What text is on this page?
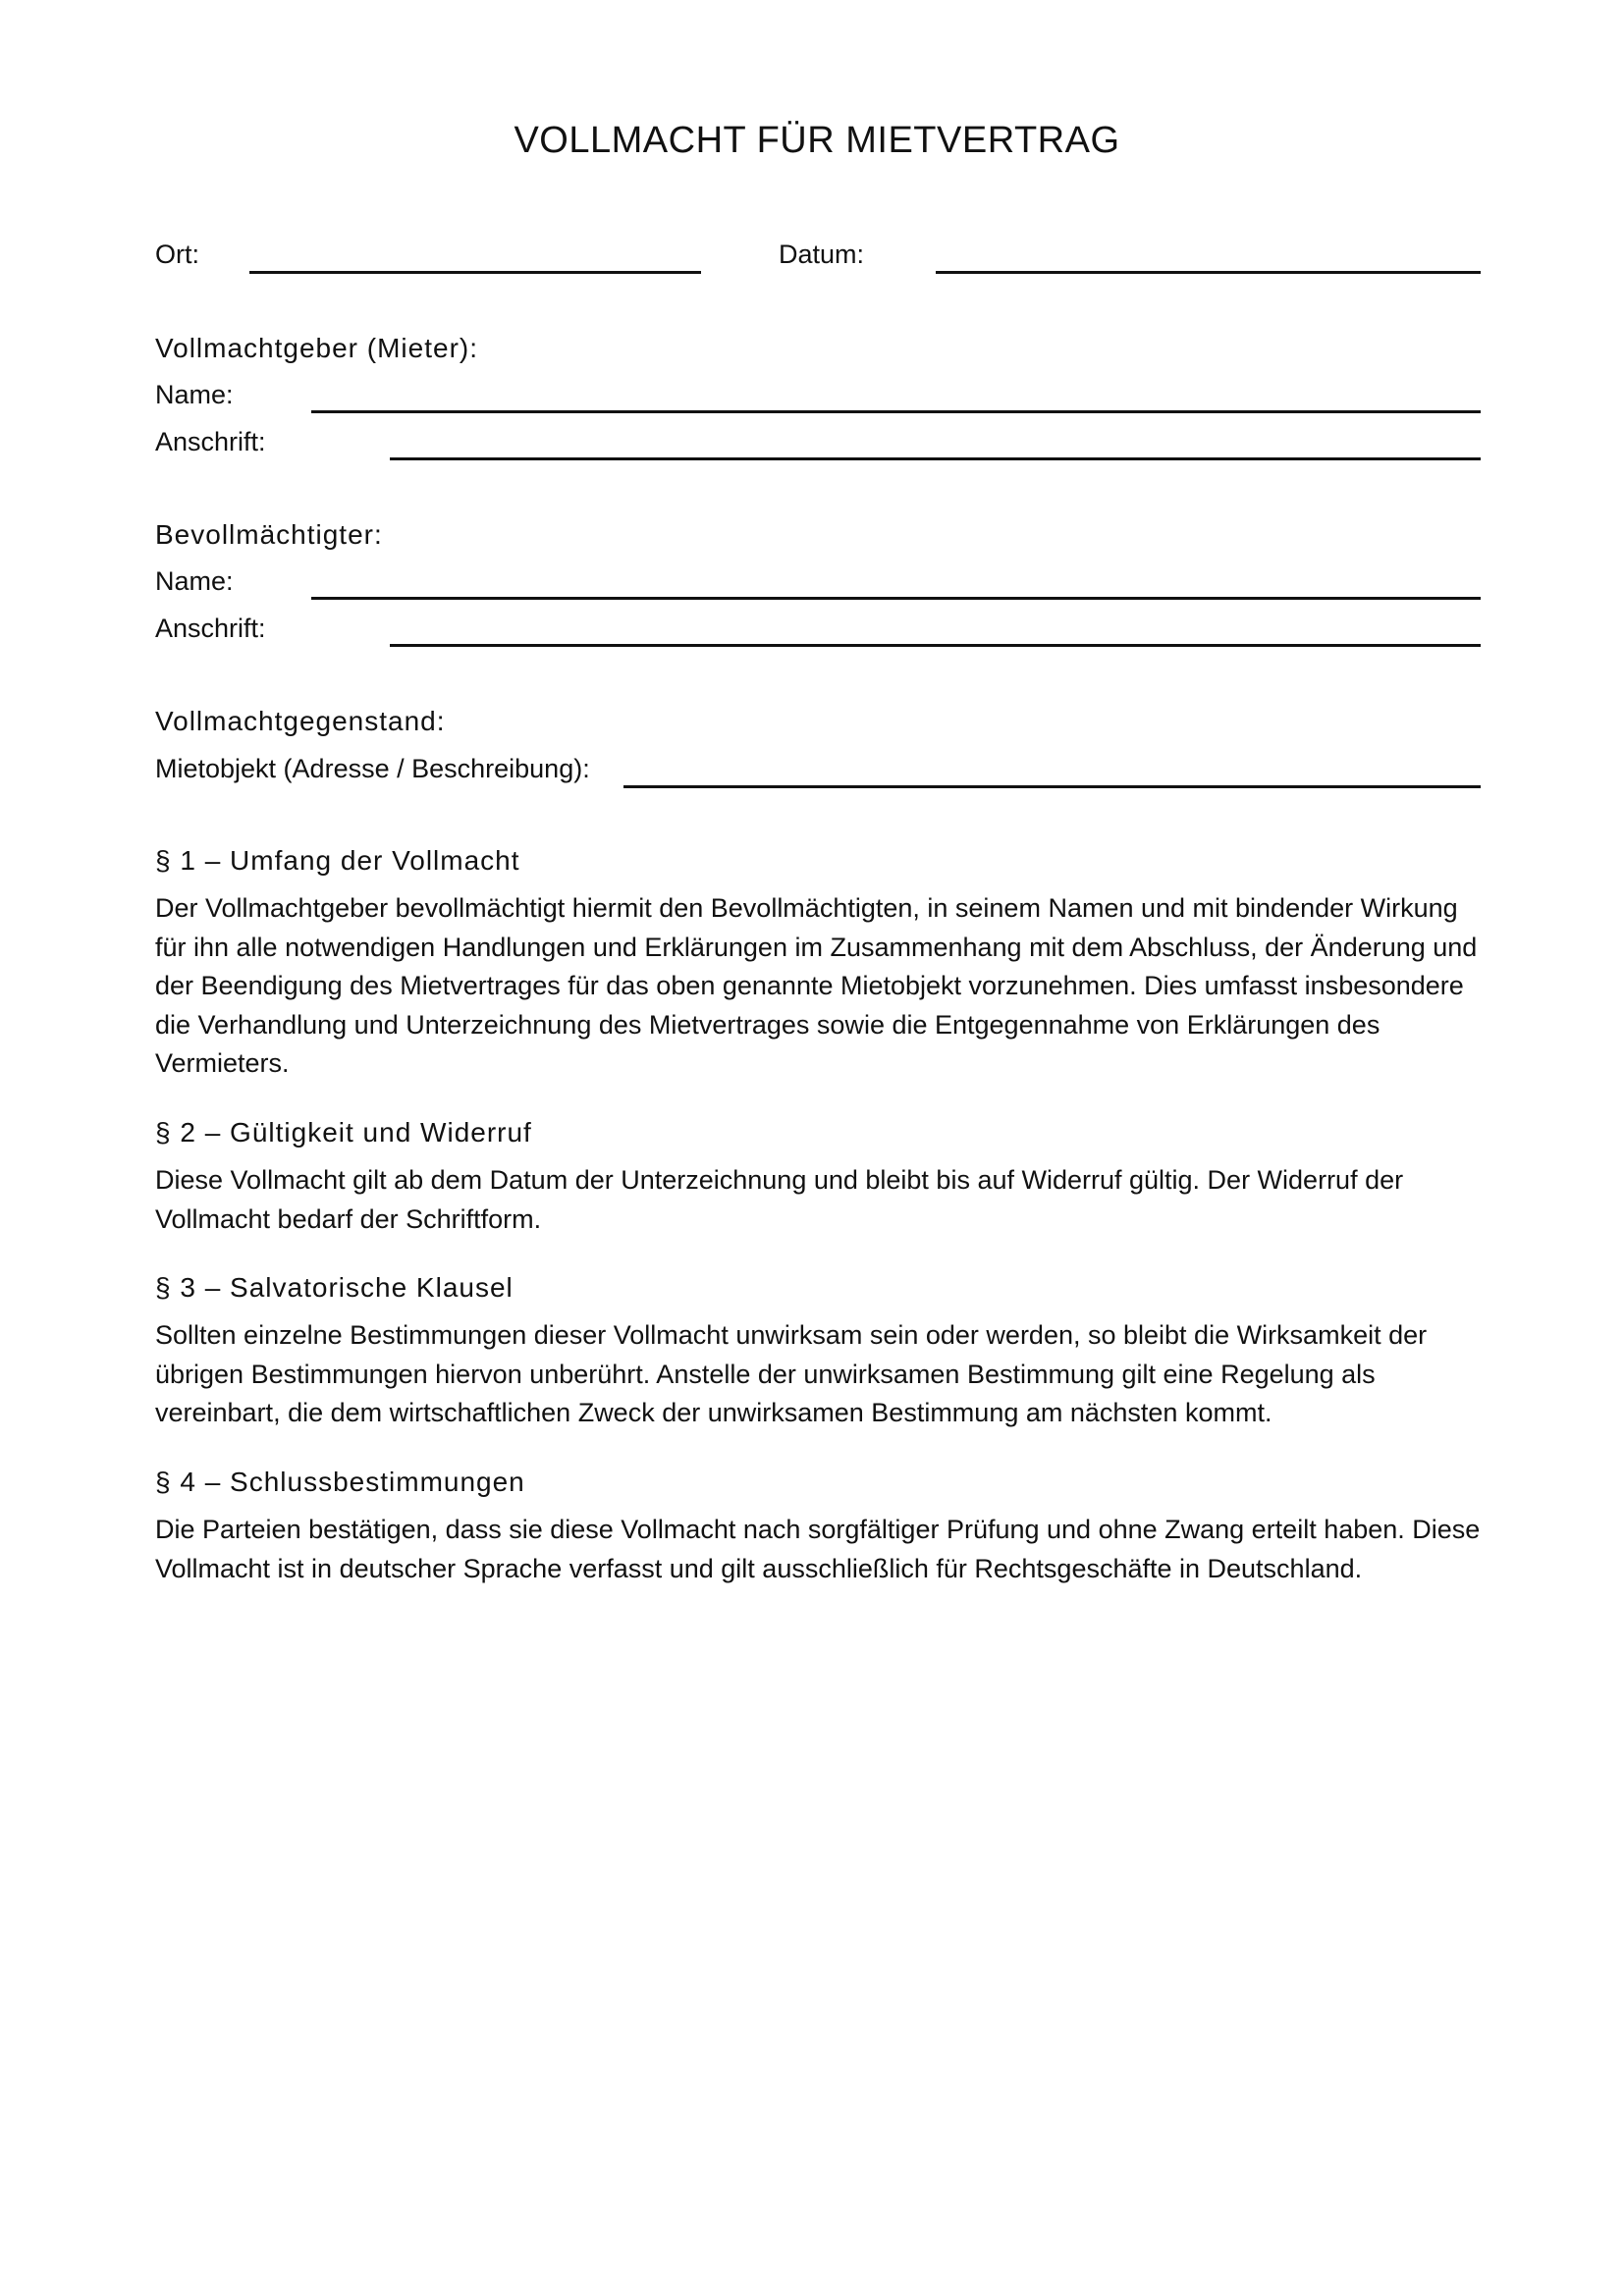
VOLLMACHT FÜR MIETVERTRAG
Ort:	Datum:
Vollmachtgeber (Mieter):
Name:
Anschrift:
Bevollmächtigter:
Name:
Anschrift:
Vollmachtgegenstand:
Mietobjekt (Adresse / Beschreibung):
§ 1 – Umfang der Vollmacht
Der Vollmachtgeber bevollmächtigt hiermit den Bevollmächtigten, in seinem Namen und mit bindender Wirkung für ihn alle notwendigen Handlungen und Erklärungen im Zusammenhang mit dem Abschluss, der Änderung und der Beendigung des Mietvertrages für das oben genannte Mietobjekt vorzunehmen. Dies umfasst insbesondere die Verhandlung und Unterzeichnung des Mietvertrages sowie die Entgegennahme von Erklärungen des Vermieters.
§ 2 – Gültigkeit und Widerruf
Diese Vollmacht gilt ab dem Datum der Unterzeichnung und bleibt bis auf Widerruf gültig. Der Widerruf der Vollmacht bedarf der Schriftform.
§ 3 – Salvatorische Klausel
Sollten einzelne Bestimmungen dieser Vollmacht unwirksam sein oder werden, so bleibt die Wirksamkeit der übrigen Bestimmungen hiervon unberührt. Anstelle der unwirksamen Bestimmung gilt eine Regelung als vereinbart, die dem wirtschaftlichen Zweck der unwirksamen Bestimmung am nächsten kommt.
§ 4 – Schlussbestimmungen
Die Parteien bestätigen, dass sie diese Vollmacht nach sorgfältiger Prüfung und ohne Zwang erteilt haben. Diese Vollmacht ist in deutscher Sprache verfasst und gilt ausschließlich für Rechtsgeschäfte in Deutschland.
